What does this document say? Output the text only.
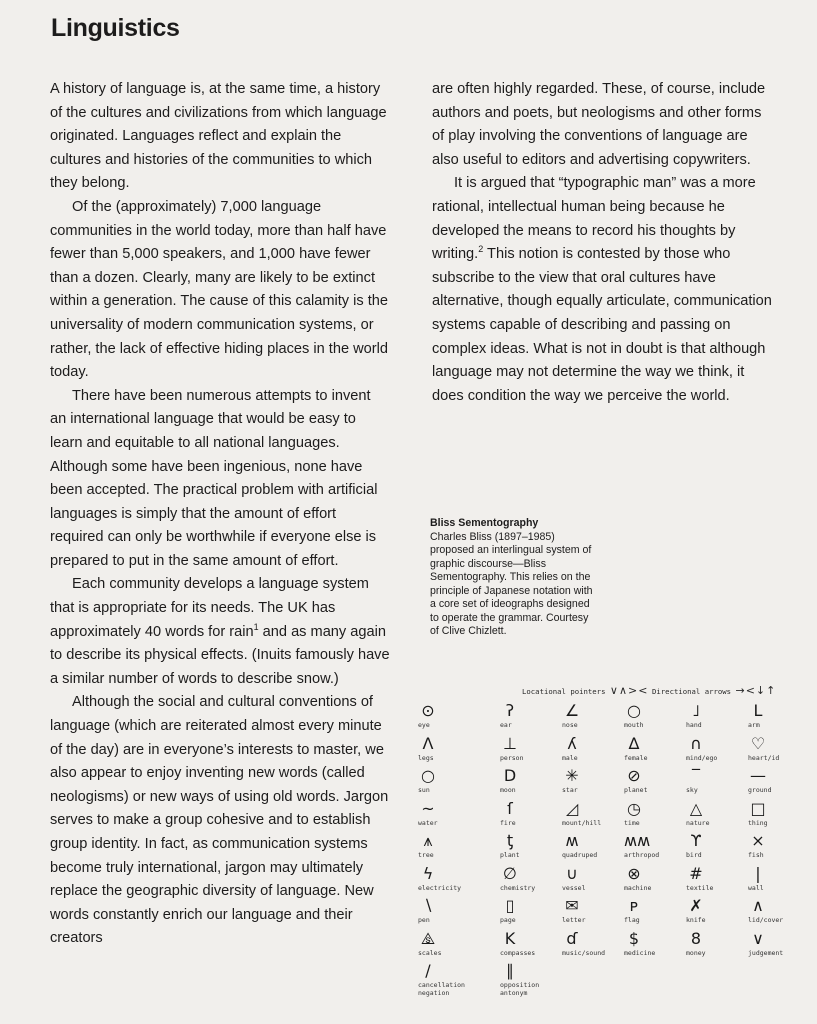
Linguistics

A history of language is, at the same time, a history of the cultures and civilizations from which language originated. Languages reflect and explain the cultures and histories of the communities to which they belong.

Of the (approximately) 7,000 language communities in the world today, more than half have fewer than 5,000 speakers, and 1,000 have fewer than a dozen. Clearly, many are likely to be extinct within a generation. The cause of this calamity is the universality of modern communication systems, or rather, the lack of effective hiding places in the world today.

There have been numerous attempts to invent an international language that would be easy to learn and equitable to all national languages. Although some have been ingenious, none have been accepted. The practical problem with artificial languages is simply that the amount of effort required can only be worthwhile if everyone else is prepared to put in the same amount of effort.

Each community develops a language system that is appropriate for its needs. The UK has approximately 40 words for rain$^1$ and as many again to describe its physical effects. (Inuits famously have a similar number of words to describe snow.)

Although the social and cultural conventions of language (which are reiterated almost every minute of the day) are in everyone’s interests to master, we also appear to enjoy inventing new words (called neologisms) or new ways of using old words. Jargon serves to make a group cohesive and to establish group identity. In fact, as communication systems become truly international, jargon may ultimately replace the geographic diversity of language. New words constantly enrich our language and their creators

are often highly regarded. These, of course, include authors and poets, but neologisms and other forms of play involving the conventions of language are also useful to editors and advertising copywriters.

It is argued that “typographic man” was a more rational, intellectual human being because he developed the means to record his thoughts by writing.$^2$ This notion is contested by those who subscribe to the view that oral cultures have alternative, though equally articulate, communication systems capable of describing and passing on complex ideas. What is not in doubt is that although language may not determine the way we think, it does condition the way we perceive the world.

Bliss Sementography

Charles Bliss (1897–1985) proposed an interlingual system of graphic discourse—Bliss Sementography. This relies on the principle of Japanese notation with a core set of ideographs designed to operate the grammar. Courtesy of Clive Chizlett.

Locational pointers ∨∧>< Directional arrows →<↓↑
⊙
eye
ʔ
ear
∠
nose
○
mouth
˩
hand
L
arm
Λ
legs
⊥
person
ʎ
male
∆
female
∩
mind/ego
♡
heart/id
○
sun
D
moon
✳
star
⊘
planet
‾
sky
—
ground
~
water
ſ
fire
◿
mount/hill
◷
time
△
nature
□
thing
⩚
tree
ƫ
plant
ʍ
quadruped
ʍʍ
arthropod
ϒ
bird
⨯
fish
ϟ
electricity
∅
chemistry
∪
vessel
⊗
machine
#
textile
|
wall
∖
pen
▯
page
✉
letter
ᴘ
flag
✗
knife
∧
lid/cover
⧌
scales
K
compasses
ɗ
music/sound
$
medicine
8
money
∨
judgement
/
cancellation
negation
∥
opposition
antonym
